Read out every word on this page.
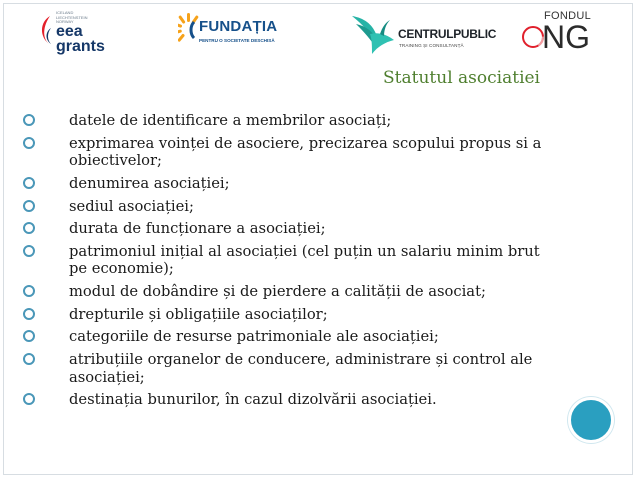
ICELAND
LIECHTENSTEIN
NORWAY
eea
grants
FUNDAȚIA
PENTRU O SOCIETATE DESCHISĂ	CENTRULPUBLIC
TRAINING ȘI CONSULTANȚĂ
FONDUL
NG
Statutul asociatiei
datele de identificare a membrilor asociați;
exprimarea voinței de asociere, precizarea scopului propus si a obiectivelor;
denumirea asociației;
sediul asociației;
durata de funcționare a asociației;
patrimoniul inițial al asociației (cel puțin un salariu minim brut pe economie);
modul de dobândire și de pierdere a calității de asociat;
drepturile și obligațiile asociaților;
categoriile de resurse patrimoniale ale asociației;
atribuțiile organelor de conducere, administrare și control ale asociației;
destinația bunurilor, în cazul dizolvării asociației.
